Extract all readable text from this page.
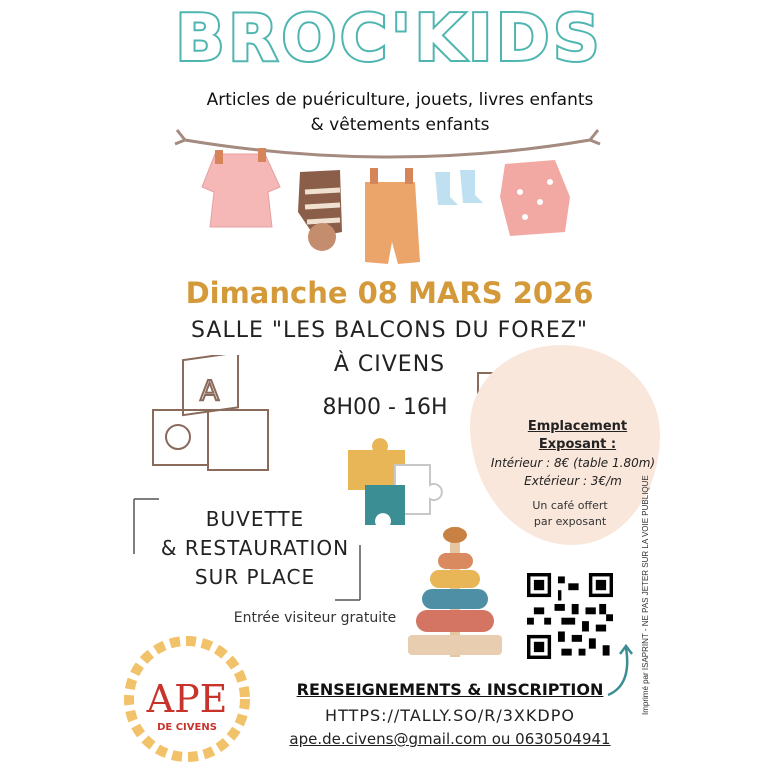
BROC'KIDS
Articles de puériculture, jouets, livres enfants
& vêtements enfants
Dimanche 08 MARS 2026
SALLE "LES BALCONS DU FOREZ"
À CIVENS
8H00 - 16H
A
Emplacement
Exposant :
Intérieur : 8€ (table 1.80m)
Extérieur : 3€/m
Un café offert
par exposant
BUVETTE
& RESTAURATION
SUR PLACE
Entrée visiteur gratuite
APE
DE CIVENS
RENSEIGNEMENTS & INSCRIPTION
HTTPS://TALLY.SO/R/3XKDPO
ape.de.civens@gmail.com ou 0630504941
Imprimé par ISAPRINT - NE PAS JETER SUR LA VOIE PUBLIQUE
